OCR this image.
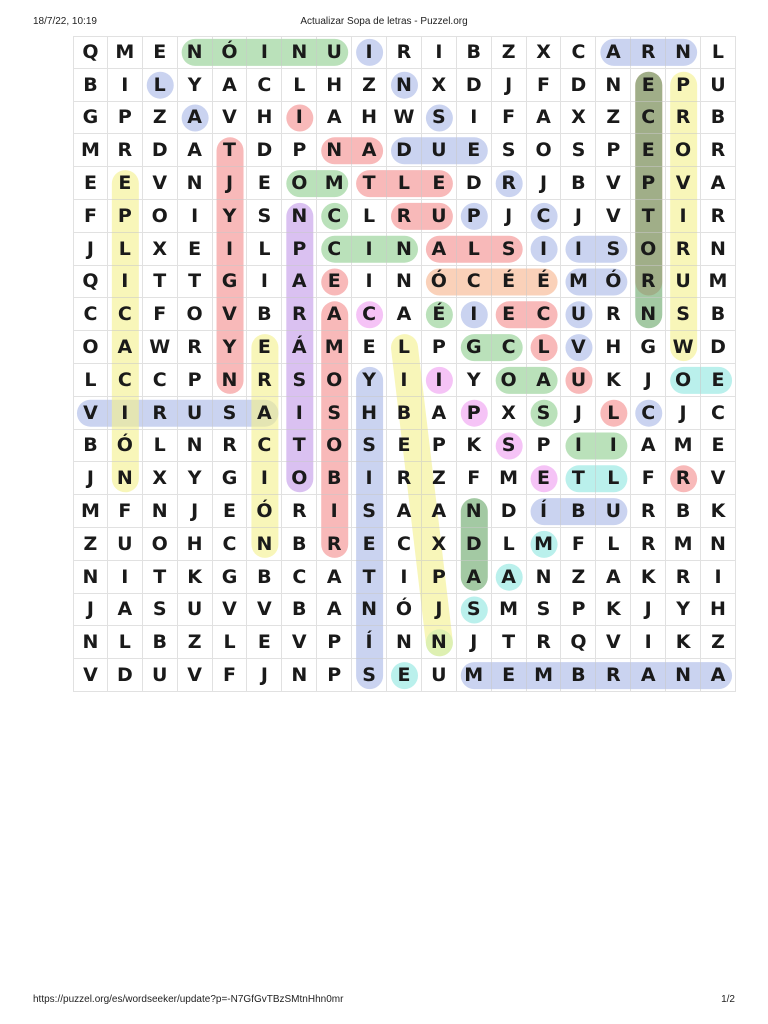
18/7/22, 10:19	Actualizar Sopa de letras - Puzzel.org
Q M E	N Ó	I	N	U	I	R	I	B	Z	X	C	A	R	N	L
B	I	L	Y	A	C	L	H	Z	N	X	D	J	F	D	N	E	P	U
G	P	Z	A	V	H	I	A	H W S	I	F	A	X	Z	C	R	B
M R	D	A	T	D	P	N	A	D	U	E	S	O	S	P	E	O	R
E	E	V	N	J	E	O M T	L	E	D	R	J	B	V	P	V	A
F	P	O	I	Y	S	N	C	L	R	U	P	J	C	J	V	T	I	R
J	L	X	E	I	L	P	C	I	N	A	L	S	I	I	S	O	R	N
Q	I	T	T	G	I	A	E	I	N Ó	C	É	É M Ó	R	U M
C	C	F	O	V	B	R	A	C	A	É	I	E	C	U	R	N	S	B
O A W R	Y	E	Á M E	L	P	G	C	L	V	H	G W D
L	C	C	P	N	R	S	O	Y	I	I	Y	O	A	U	K	J	O	E
V	I	R	U	S	A	I	S	H	B	A	P	X	S	J	L	C	J	C
B	Ó	L	N	R	C	T	O	S	E	P	K	S	P	I	I	A M E
J	N	X	Y	G	I	O	B	I	R	Z	F M E	T	L	F	R	V
M F	N	J	E	Ó	R	I	S	A	A	N	D	Í	B	U	R	B	K
Z	U	O H	C	N	B	R	E	C	X	D	L	M F	L	R M N
N	I	T	K	G	B	C	A	T	I	P	A	A	N	Z	A	K	R	I
J	A	S	U	V	V	B	A	N Ó	J	S M S	P	K	J	Y	H
N	L	B	Z	L	E	V	P	Í	N N	J	T	R	Q	V	I	K	Z
V	D	U	V	F	J	N	P	S	E	U M E M B	R	A	N	A
https://puzzel.org/es/wordseeker/update?p=-N7GfGvTBzSMtnHhn0mr	1/2
